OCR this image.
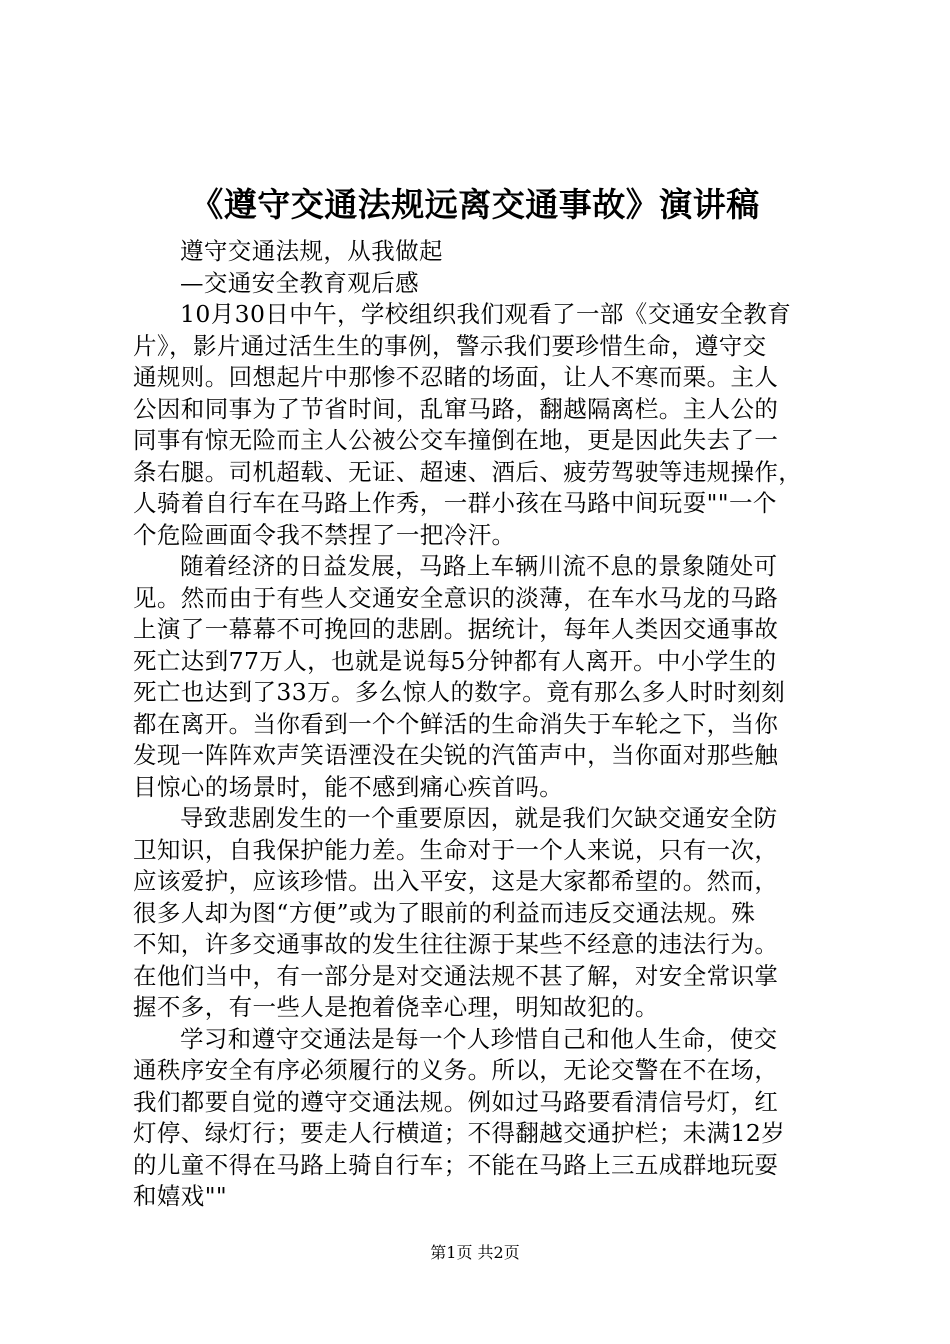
《遵守交通法规远离交通事故》演讲稿
遵守交通法规，从我做起
—交通安全教育观后感
10月30日中午，学校组织我们观看了一部《交通安全教育
片》，影片通过活生生的事例，警示我们要珍惜生命，遵守交
通规则。回想起片中那惨不忍睹的场面，让人不寒而栗。主人
公因和同事为了节省时间，乱窜马路，翻越隔离栏。主人公的
同事有惊无险而主人公被公交车撞倒在地，更是因此失去了一
条右腿。司机超载、无证、超速、酒后、疲劳驾驶等违规操作，
人骑着自行车在马路上作秀，一群小孩在马路中间玩耍""一个
个危险画面令我不禁捏了一把冷汗。
随着经济的日益发展，马路上车辆川流不息的景象随处可
见。然而由于有些人交通安全意识的淡薄，在车水马龙的马路
上演了一幕幕不可挽回的悲剧。据统计，每年人类因交通事故
死亡达到77万人，也就是说每5分钟都有人离开。中小学生的
死亡也达到了33万。多么惊人的数字。竟有那么多人时时刻刻
都在离开。当你看到一个个鲜活的生命消失于车轮之下，当你
发现一阵阵欢声笑语湮没在尖锐的汽笛声中，当你面对那些触
目惊心的场景时，能不感到痛心疾首吗。
导致悲剧发生的一个重要原因，就是我们欠缺交通安全防
卫知识，自我保护能力差。生命对于一个人来说，只有一次，
应该爱护，应该珍惜。出入平安，这是大家都希望的。然而，
很多人却为图“方便”或为了眼前的利益而违反交通法规。殊
不知，许多交通事故的发生往往源于某些不经意的违法行为。
在他们当中，有一部分是对交通法规不甚了解，对安全常识掌
握不多，有一些人是抱着侥幸心理，明知故犯的。
学习和遵守交通法是每一个人珍惜自己和他人生命，使交
通秩序安全有序必须履行的义务。所以，无论交警在不在场，
我们都要自觉的遵守交通法规。例如过马路要看清信号灯，红
灯停、绿灯行；要走人行横道；不得翻越交通护栏；未满12岁
的儿童不得在马路上骑自行车；不能在马路上三五成群地玩耍
和嬉戏""
第1页 共2页
